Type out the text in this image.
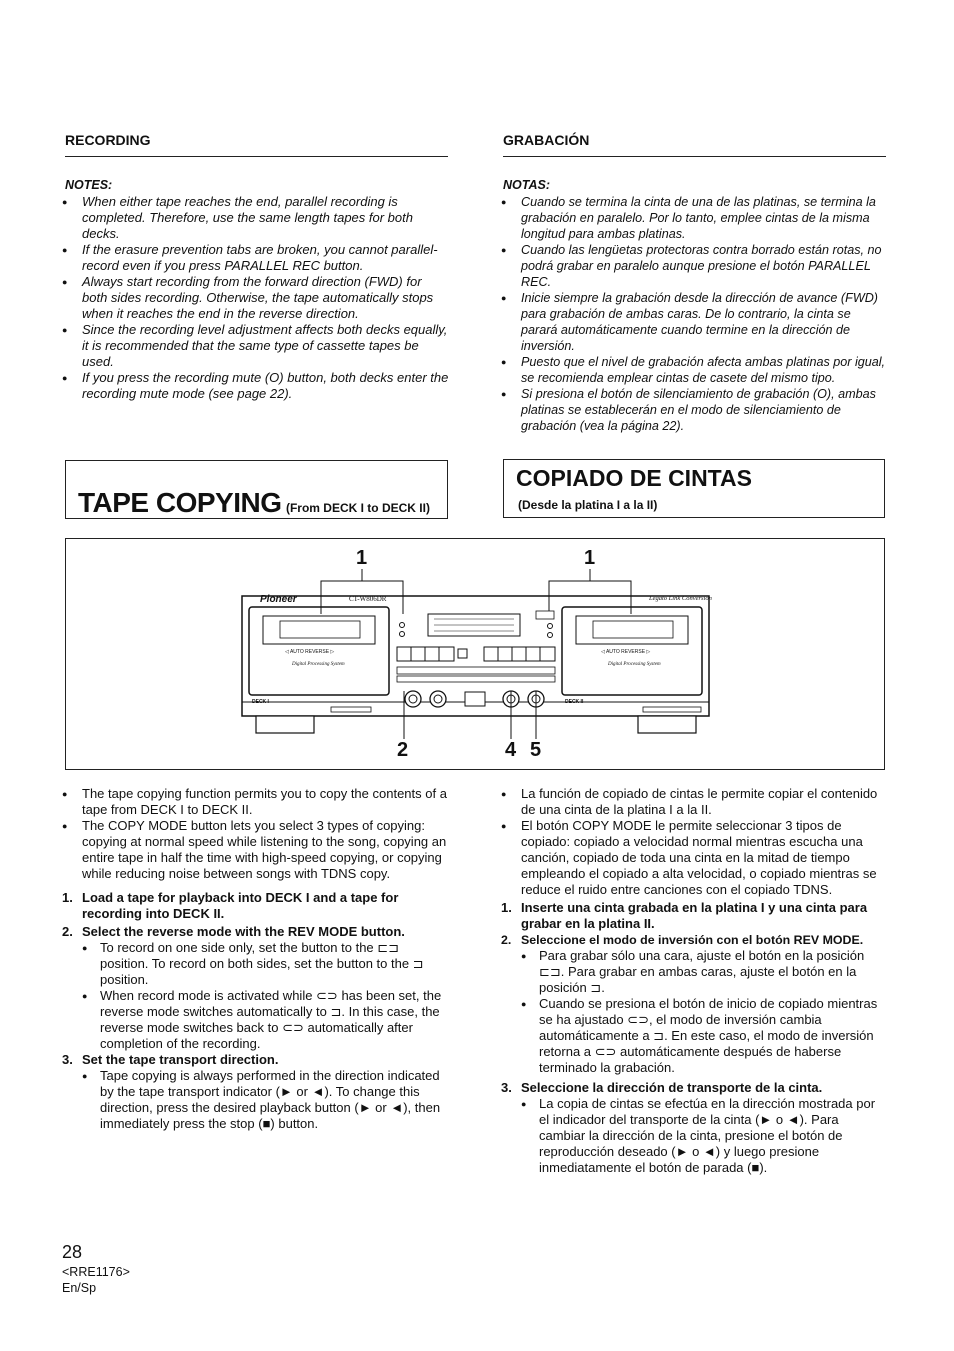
RECORDING
NOTES:
● When either tape reaches the end, parallel recording is completed. Therefore, use the same length tapes for both decks.
● If the erasure prevention tabs are broken, you cannot parallel-record even if you press PARALLEL REC button.
● Always start recording from the forward direction (FWD) for both sides recording. Otherwise, the tape automatically stops when it reaches the end in the reverse direction.
● Since the recording level adjustment affects both decks equally, it is recommended that the same type of cassette tapes be used.
● If you press the recording mute (O) button, both decks enter the recording mute mode (see page 22).
GRABACIÓN
NOTAS:
● Cuando se termina la cinta de una de las platinas, se termina la grabación en paralelo. Por lo tanto, emplee cintas de la misma longitud para ambas platinas.
● Cuando las lengüetas protectoras contra borrado están rotas, no podrá grabar en paralelo aunque presione el botón PARALLEL REC.
● Inicie siempre la grabación desde la dirección de avance (FWD) para grabación de ambas caras. De lo contrario, la cinta se parará automáticamente cuando termine en la dirección de inversión.
● Puesto que el nivel de grabación afecta ambas platinas por igual, se recomienda emplear cintas de casete del mismo tipo.
● Si presiona el botón de silenciamiento de grabación (O), ambas platinas se establecerán en el modo de silenciamiento de grabación (vea la página 22).
TAPE COPYING (From DECK I to DECK II)
COPIADO DE CINTAS
(Desde la platina I a la II)
1	1
2	4 5
Pioneer	CT-W806DR	Legato Link Conversion
◁ AUTO REVERSE ▷	◁ AUTO REVERSE ▷
Digital Processing System	Digital Processing System
DECK I	DECK II
● The tape copying function permits you to copy the contents of a tape from DECK I to DECK II.
● The COPY MODE button lets you select 3 types of copying: copying at normal speed while listening to the song, copying an entire tape in half the time with high-speed copying, or copying while reducing noise between songs with TDNS copy.
1. Load a tape for playback into DECK I and a tape for recording into DECK II.
2. Select the reverse mode with the REV MODE button.
● To record on one side only, set the button to the ⊏⊐ position. To record on both sides, set the button to the ⊐ position.
● When record mode is activated while ⊂⊃ has been set, the reverse mode switches automatically to ⊐. In this case, the reverse mode switches back to ⊂⊃ automatically after completion of the recording.
3. Set the tape transport direction.
● Tape copying is always performed in the direction indicated by the tape transport indicator (► or ◄). To change this direction, press the desired playback button (► or ◄), then immediately press the stop (■) button.
● La función de copiado de cintas le permite copiar el contenido de una cinta de la platina I a la II.
● El botón COPY MODE le permite seleccionar 3 tipos de copiado: copiado a velocidad normal mientras escucha una canción, copiado de toda una cinta en la mitad de tiempo empleando el copiado a alta velocidad, o copiado mientras se reduce el ruido entre canciones con el copiado TDNS.
1. Inserte una cinta grabada en la platina I y una cinta para grabar en la platina II.
2. Seleccione el modo de inversión con el botón REV MODE.
● Para grabar sólo una cara, ajuste el botón en la posición ⊏⊐. Para grabar en ambas caras, ajuste el botón en la posición ⊐.
● Cuando se presiona el botón de inicio de copiado mientras se ha ajustado ⊂⊃, el modo de inversión cambia automáticamente a ⊐. En este caso, el modo de inversión retorna a ⊂⊃ automáticamente después de haberse terminado la grabación.
3. Seleccione la dirección de transporte de la cinta.
● La copia de cintas se efectúa en la dirección mostrada por el indicador del transporte de la cinta (► o ◄). Para cambiar la dirección de la cinta, presione el botón de reproducción deseado (► o ◄) y luego presione inmediatamente el botón de parada (■).
28
<RRE1176>
En/Sp
